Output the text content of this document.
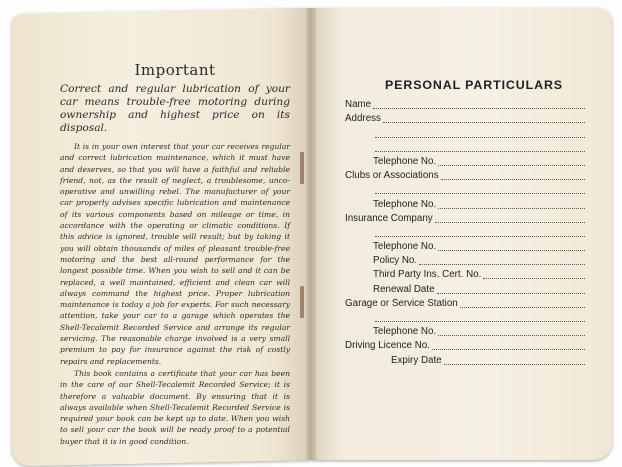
Important

Correct and regular lubrication of your car means trouble-free motoring during ownership and highest price on its disposal.

It is in your own interest that your car receives regular and correct lubrication maintenance, which it must have and deserves, so that you will have a faithful and reliable friend, not, as the result of neglect, a troublesome, unco-operative and unwilling rebel. The manufacturer of your car properly advises specific lubrication and maintenance of its various components based on mileage or time, in accordance with the operating or climatic conditions. If this advice is ignored, trouble will result; but by taking it you will obtain thousands of miles of pleasant trouble-free motoring and the best all-round performance for the longest possible time. When you wish to sell and it can be replaced, a well maintained, efficient and clean car will always command the highest price. Proper lubrication maintenance is today a job for experts. For such necessary attention, take your car to a garage which operates the Shell-Tecalemit Recorded Service and arrange its regular servicing. The reasonable charge involved is a very small premium to pay for insurance against the risk of costly repairs and replacements.

This book contains a certificate that your car has been in the care of our Shell-Tecalemit Recorded Service; it is therefore a valuable document. By ensuring that it is always available when Shell-Tecalemit Recorded Service is required your book can be kept up to date. When you wish to sell your car the book will be ready proof to a potential buyer that it is in good condition.

PERSONAL PARTICULARS
Name
Address
Telephone No.
Clubs or Associations
Telephone No.
Insurance Company
Telephone No.
Policy No.
Third Party Ins. Cert. No.
Renewal Date
Garage or Service Station
Telephone No.
Driving Licence No.
Expiry Date
